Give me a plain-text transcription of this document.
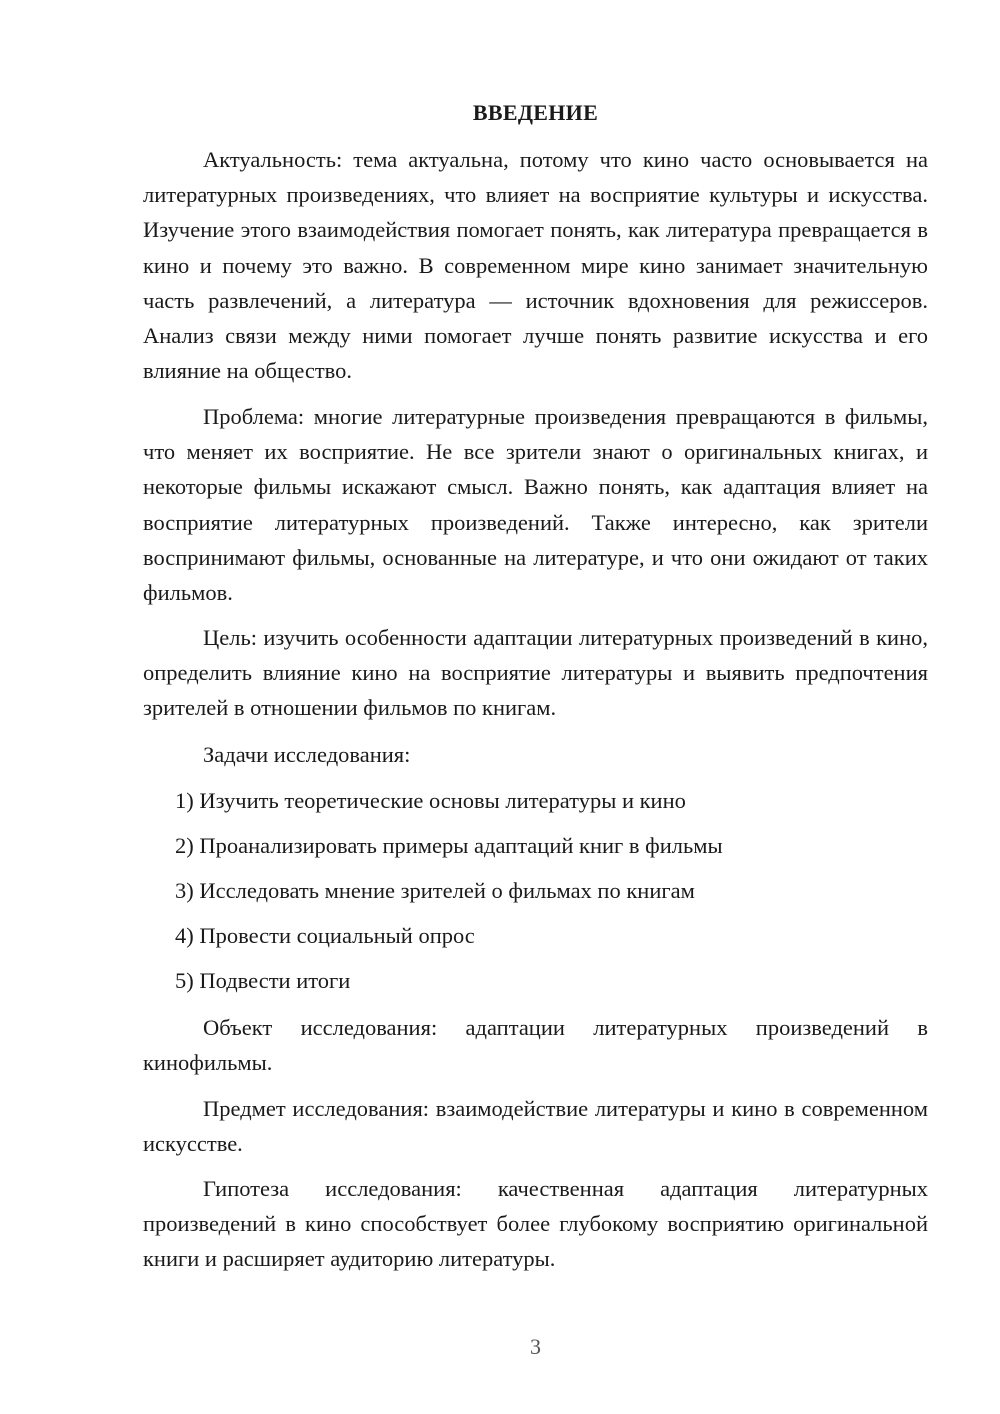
ВВЕДЕНИЕ

Актуальность: тема актуальна, потому что кино часто основывается на литературных произведениях, что влияет на восприятие культуры и искусства. Изучение этого взаимодействия помогает понять, как литература превращается в кино и почему это важно. В современном мире кино занимает значительную часть развлечений, а литература — источник вдохновения для режиссеров. Анализ связи между ними помогает лучше понять развитие искусства и его влияние на общество.

Проблема: многие литературные произведения превращаются в фильмы, что меняет их восприятие. Не все зрители знают о оригинальных книгах, и некоторые фильмы искажают смысл. Важно понять, как адаптация влияет на восприятие литературных произведений. Также интересно, как зрители воспринимают фильмы, основанные на литературе, и что они ожидают от таких фильмов.

Цель: изучить особенности адаптации литературных произведений в кино, определить влияние кино на восприятие литературы и выявить предпочтения зрителей в отношении фильмов по книгам.

Задачи исследования:

1) Изучить теоретические основы литературы и кино

2) Проанализировать примеры адаптаций книг в фильмы

3) Исследовать мнение зрителей о фильмах по книгам

4) Провести социальный опрос

5) Подвести итоги

Объект исследования: адаптации литературных произведений в кинофильмы.

Предмет исследования: взаимодействие литературы и кино в современном искусстве.

Гипотеза исследования: качественная адаптация литературных произведений в кино способствует более глубокому восприятию оригинальной книги и расширяет аудиторию литературы.

3
